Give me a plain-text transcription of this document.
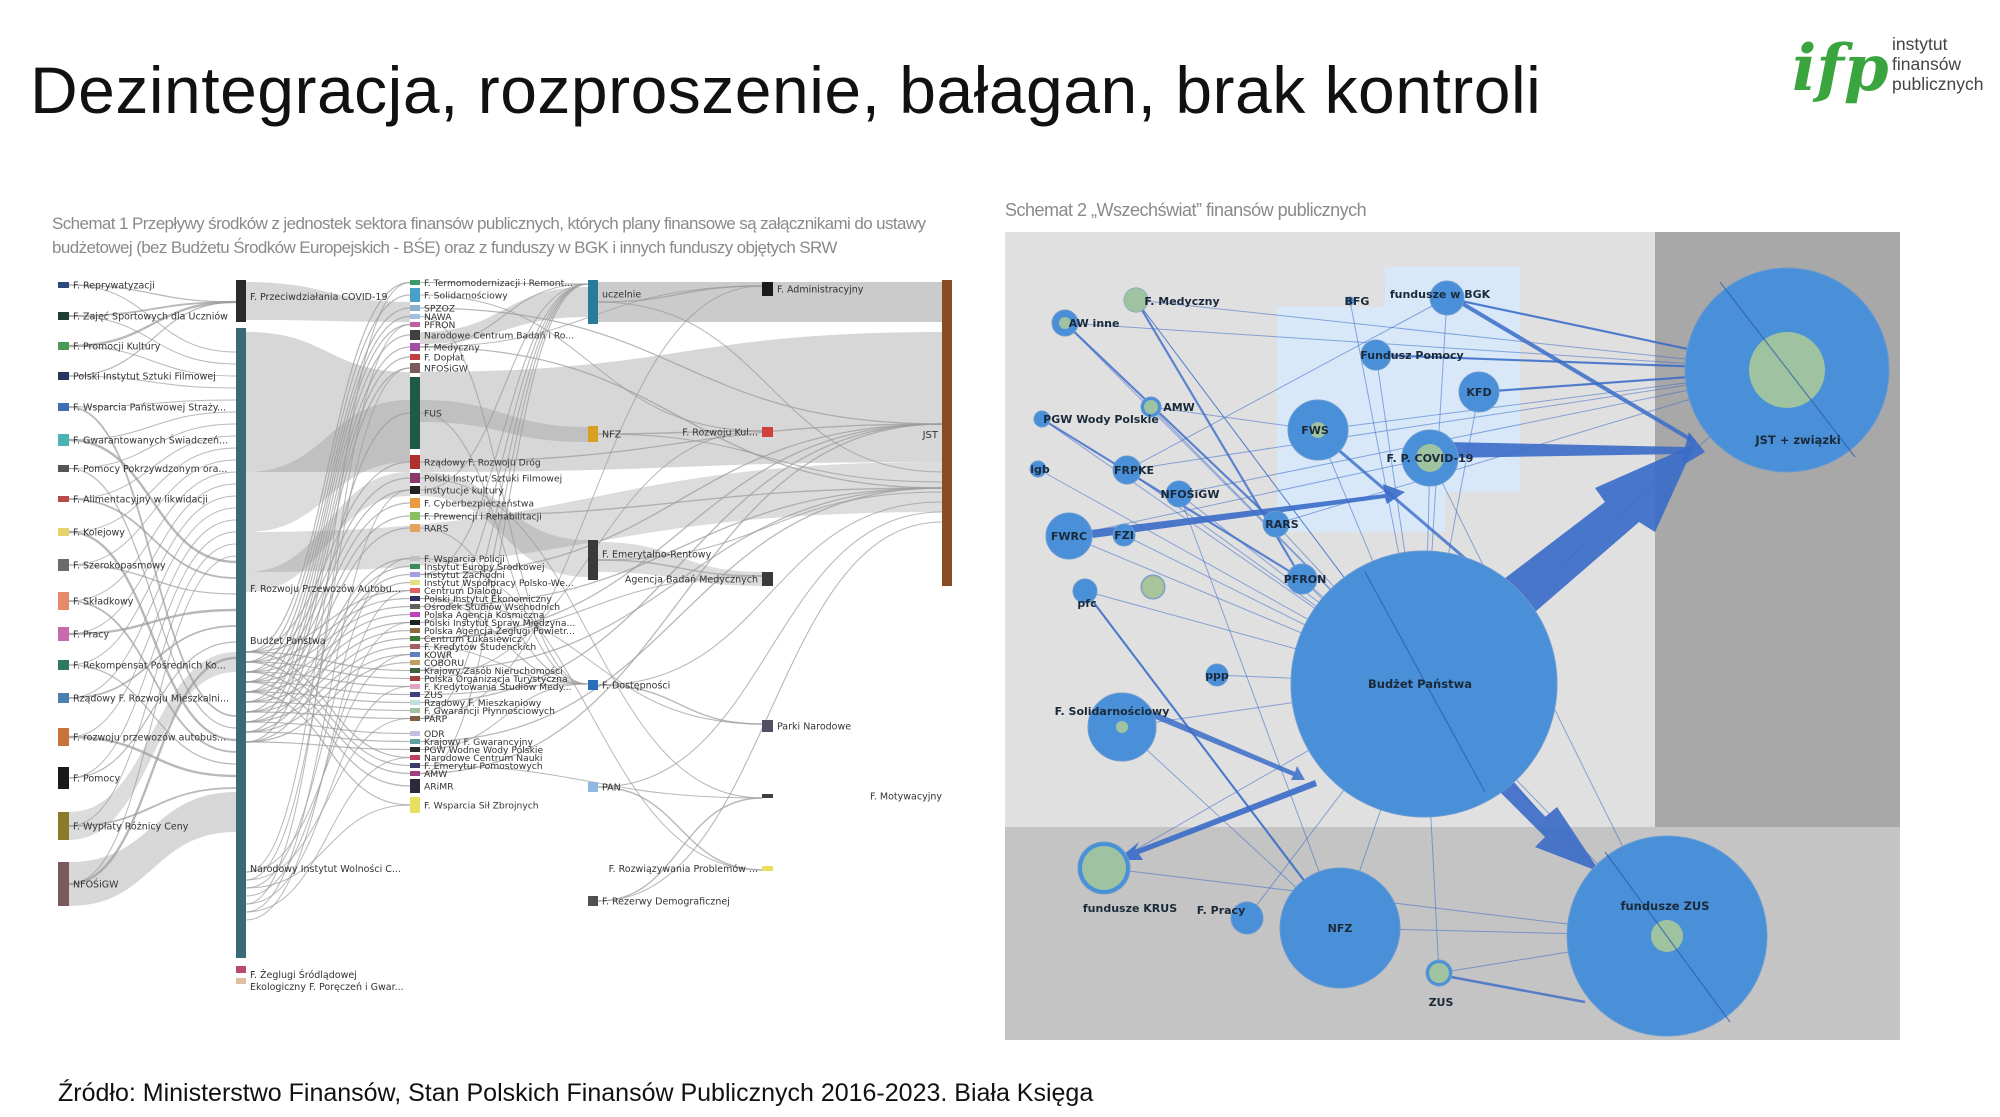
Dezintegracja, rozproszenie, bałagan, brak kontroli	ifp instytut
finansów
publicznych
Schemat 1 Przepływy środków z jednostek sektora finansów publicznych, których plany finansowe są załącznikami do ustawy budżetowej (bez Budżetu Środków Europejskich - BŚE) oraz z funduszy w BGK i innych funduszy objętych SRW
F. Reprywatyzacji
F. Zajęć Sportowych dla Uczniów
F. Promocji Kultury
Polski Instytut Sztuki Filmowej
F. Wsparcia Państwowej Straży...
F. Gwarantowanych Świadczeń...
F. Pomocy Pokrzywdzonym ora...
F. Alimentacyjny w likwidacji
F. Kolejowy
F. Szerokopasmowy
F. Składkowy
F. Pracy
F. Rekompensat Pośrednich Ko...
Rządowy F. Rozwoju Mieszkalni...
F. rozwoju przewozów autobus...
F. Pomocy
F. Wypłaty Różnicy Ceny
NFOŚiGW
F. Przeciwdziałania COVID-19
F. Rozwoju Przewozów Autobu...
Budżet Państwa
Narodowy Instytut Wolności C...
F. Żeglugi Śródlądowej
Ekologiczny F. Poręczeń i Gwar...
F. Termomodernizacji i Remont...
F. Solidarnościowy
SPZOZ
NAWA
PFRON
Narodowe Centrum Badań i Ro...
F. Medyczny
F. Dopłat
NFOŚiGW
FUS
Rządowy F. Rozwoju Dróg
Polski Instytut Sztuki Filmowej
instytucje kultury
F. Cyberbezpieczeństwa
F. Prewencji i Rehabilitacji
RARS
F. Wsparcia Policji
Instytut Europy Środkowej
Instytut Zachodni
Instytut Współpracy Polsko-We...
Centrum Dialogu
Polski Instytut Ekonomiczny
Ośrodek Studiów Wschodnich
Polska Agencja Kosmiczna
Polski Instytut Spraw Międzyna...
Polska Agencja Żeglugi Powietr...
Centrum Łukasiewicz
F. Kredytów Studenckich
KOWR
COBORU
Krajowy Zasób Nieruchomości
Polska Organizacja Turystyczna
F. Kredytowania Studiów Medy...
ZUS
Rządowy F. Mieszkaniowy
F. Gwarancji Płynnościowych
PARP
ODR
Krajowy F. Gwarancyjny
PGW Wodne Wody Polskie
Narodowe Centrum Nauki
F. Emerytur Pomostowych
AMW
ARiMR
F. Wsparcia Sił Zbrojnych
uczelnie
NFZ
F. Emerytalno-Rentowy
F. Dostępności
PAN
F. Rezerwy Demograficznej
F. Administracyjny
F. Rozwoju Kul...
Agencja Badań Medycznych
Parki Narodowe
F. Rozwiązywania Problemów ...
F. Motywacyjny
JST
Schemat 2 „Wszechświat” finansów publicznych
JST + związki
Budżet Państwa
fundusze ZUS
NFZ
fundusze KRUS
F. Solidarnościowy
F. P. COVID-19
FWS
fundusze w BGK
Fundusz Pomocy
KFD
BFG
F. Medyczny
AW inne
AMW
PGW Wody Polskie
igb	FRPKE
NFOŚiGW
FWRC FZI
RARS
PFRON
pfc
ppp
F. Pracy
ZUS
Źródło: Ministerstwo Finansów, Stan Polskich Finansów Publicznych 2016-2023. Biała Księga
